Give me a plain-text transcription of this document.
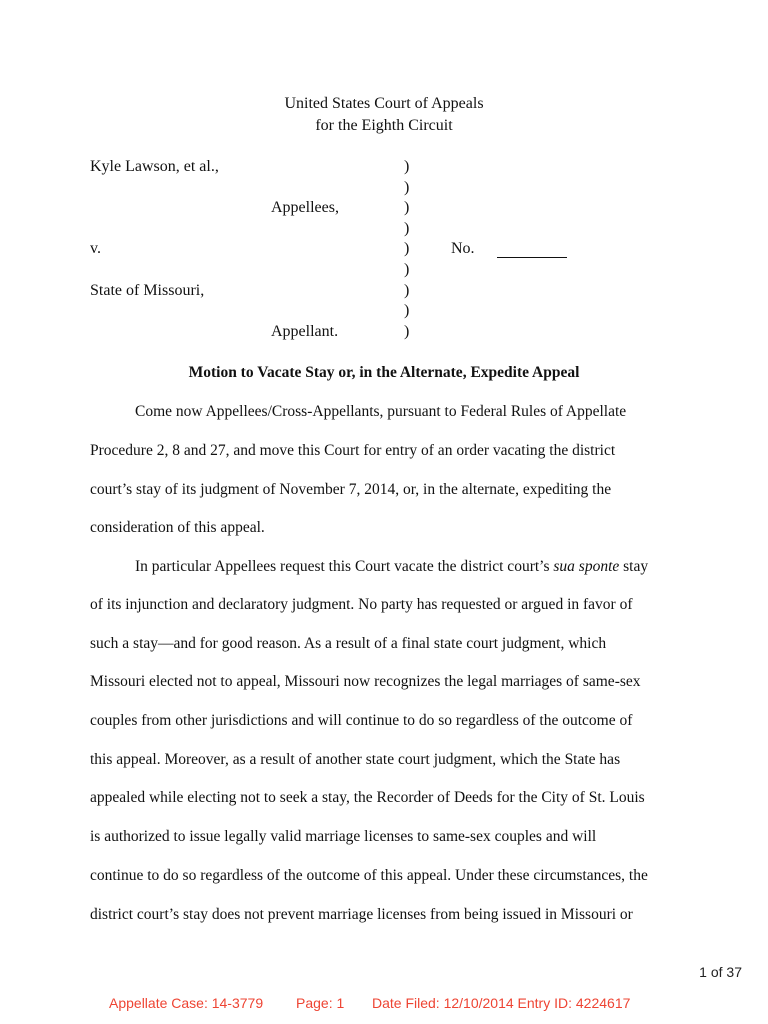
United States Court of Appeals
for the Eighth Circuit
Kyle Lawson, et al.,
Appellees,
v.
State of Missouri,
Appellant.
)
)
)
)
)
)
)
)
)
No.
Motion to Vacate Stay or, in the Alternate, Expedite Appeal
Come now Appellees/Cross-Appellants, pursuant to Federal Rules of Appellate
Procedure 2, 8 and 27, and move this Court for entry of an order vacating the district
court’s stay of its judgment of November 7, 2014, or, in the alternate, expediting the
consideration of this appeal.
In particular Appellees request this Court vacate the district court’s sua sponte stay
of its injunction and declaratory judgment. No party has requested or argued in favor of
such a stay—and for good reason. As a result of a final state court judgment, which
Missouri elected not to appeal, Missouri now recognizes the legal marriages of same-sex
couples from other jurisdictions and will continue to do so regardless of the outcome of
this appeal. Moreover, as a result of another state court judgment, which the State has
appealed while electing not to seek a stay, the Recorder of Deeds for the City of St. Louis
is authorized to issue legally valid marriage licenses to same-sex couples and will
continue to do so regardless of the outcome of this appeal. Under these circumstances, the
district court’s stay does not prevent marriage licenses from being issued in Missouri or
1 of 37
Appellate Case: 14-3779 Page: 1 Date Filed: 12/10/2014 Entry ID: 4224617
